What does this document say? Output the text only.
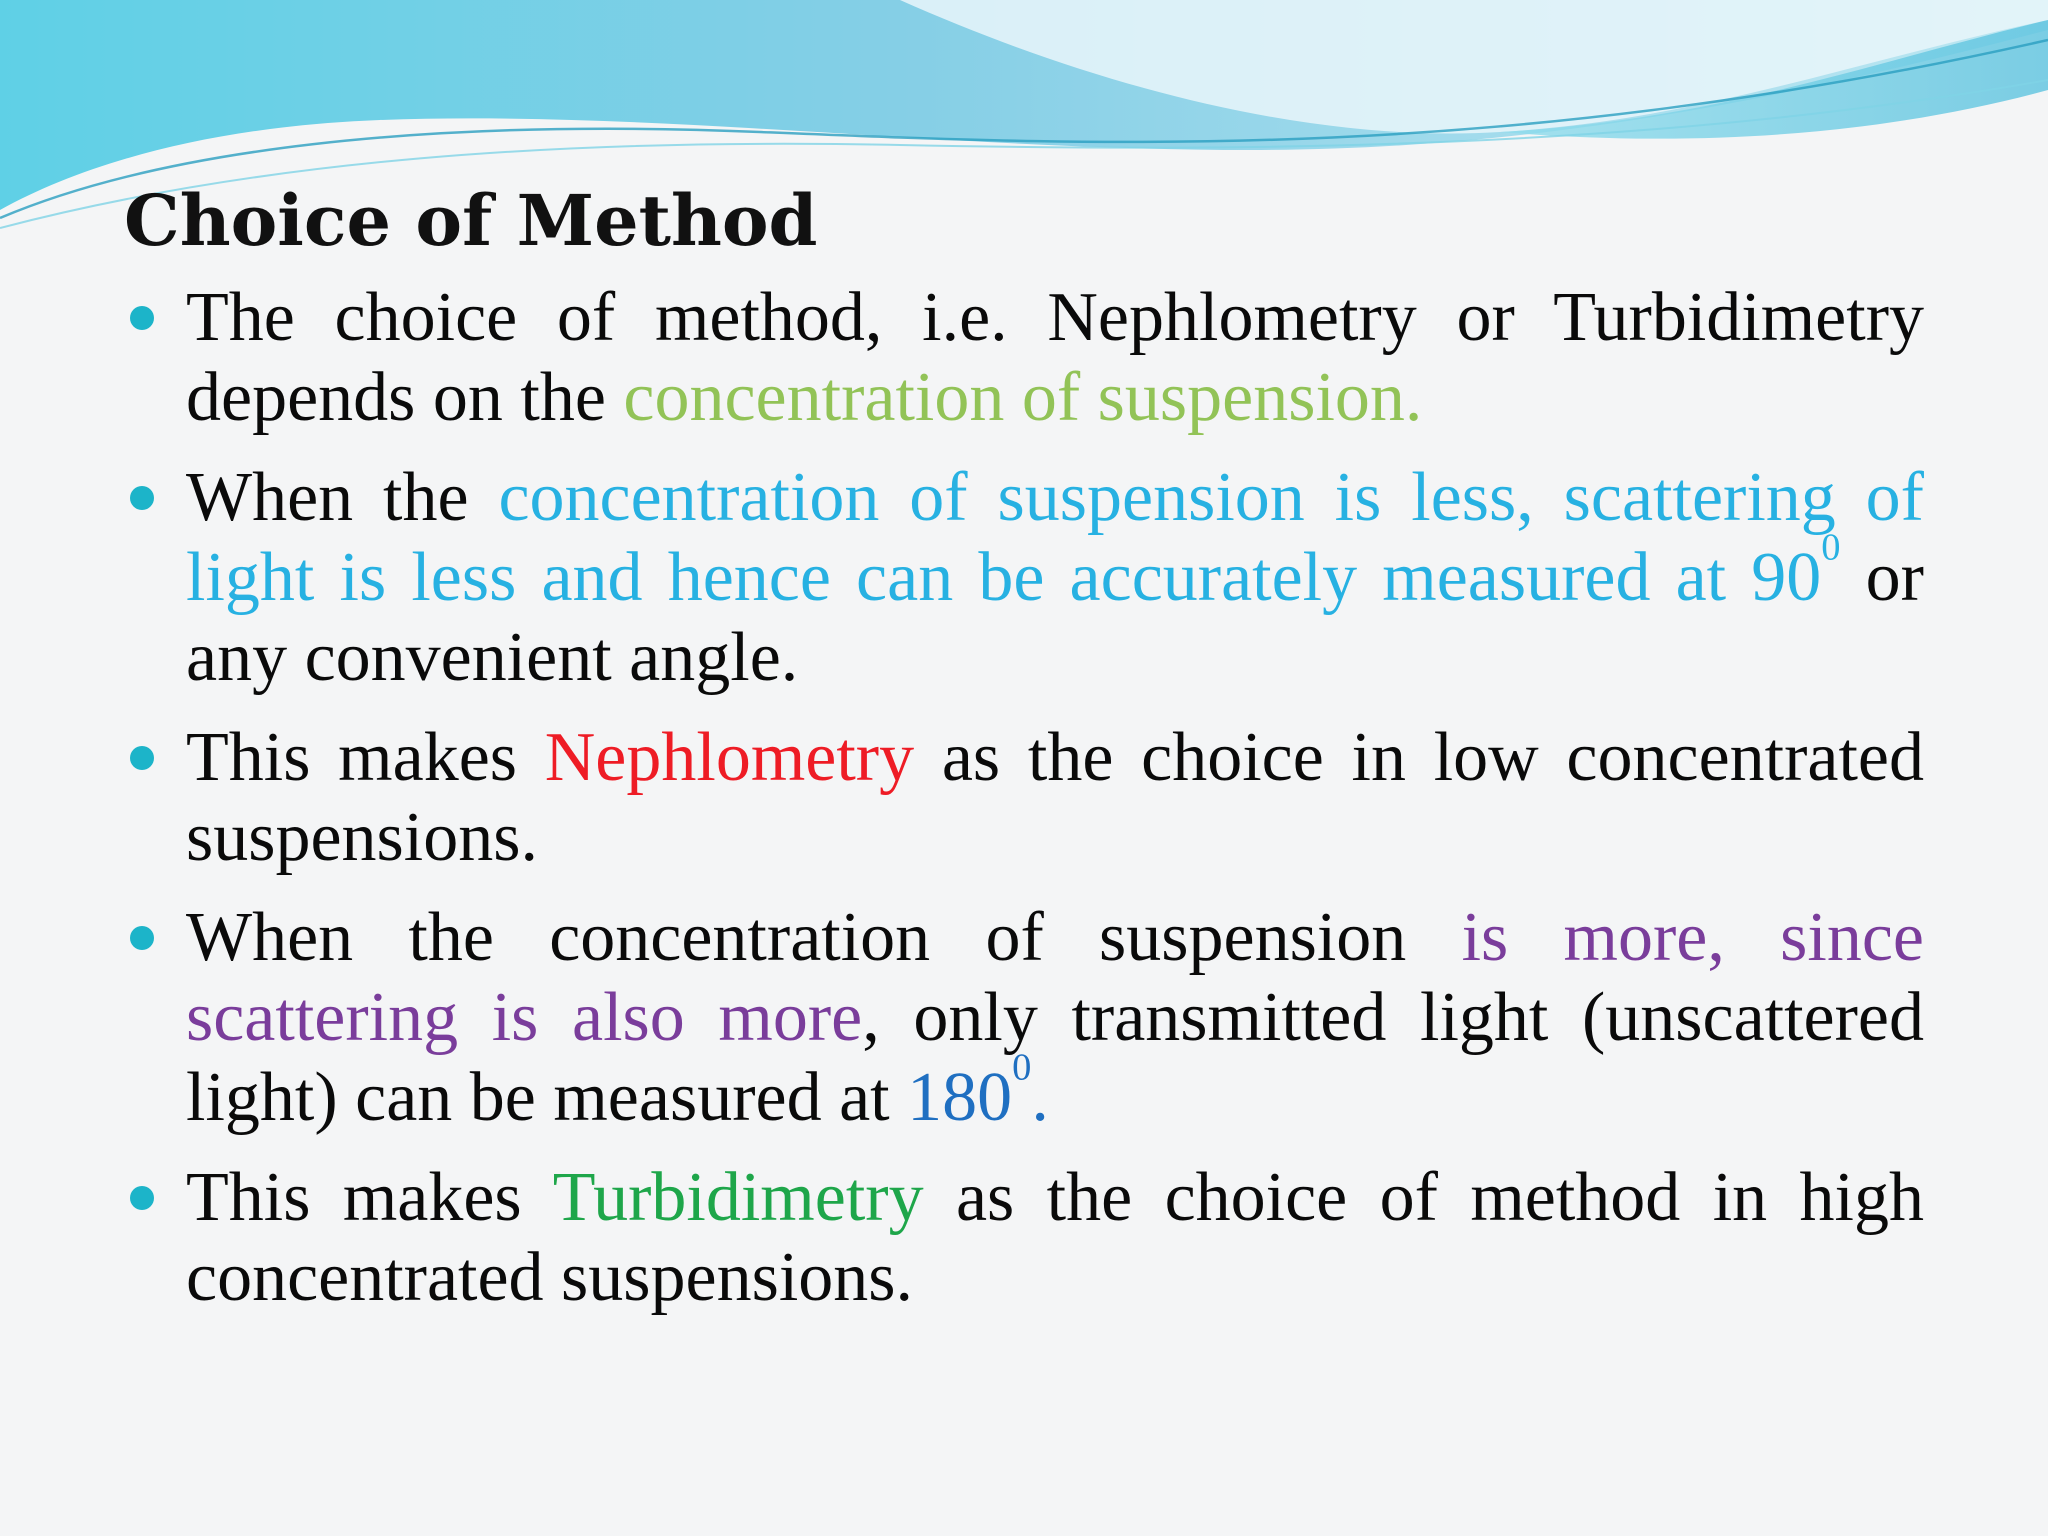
Choice of Method
The choice of method, i.e. Nephlometry or Turbidimetry depends on the concentration of suspension.
When the concentration of suspension is less, scattering of light is less and hence can be accurately measured at $90^0$ or any convenient angle.
This makes Nephlometry as the choice in low concentrated suspensions.
When the concentration of suspension is more, since scattering is also more, only transmitted light (unscattered light) can be measured at $180^0$.
This makes Turbidimetry as the choice of method in high concentrated suspensions.
